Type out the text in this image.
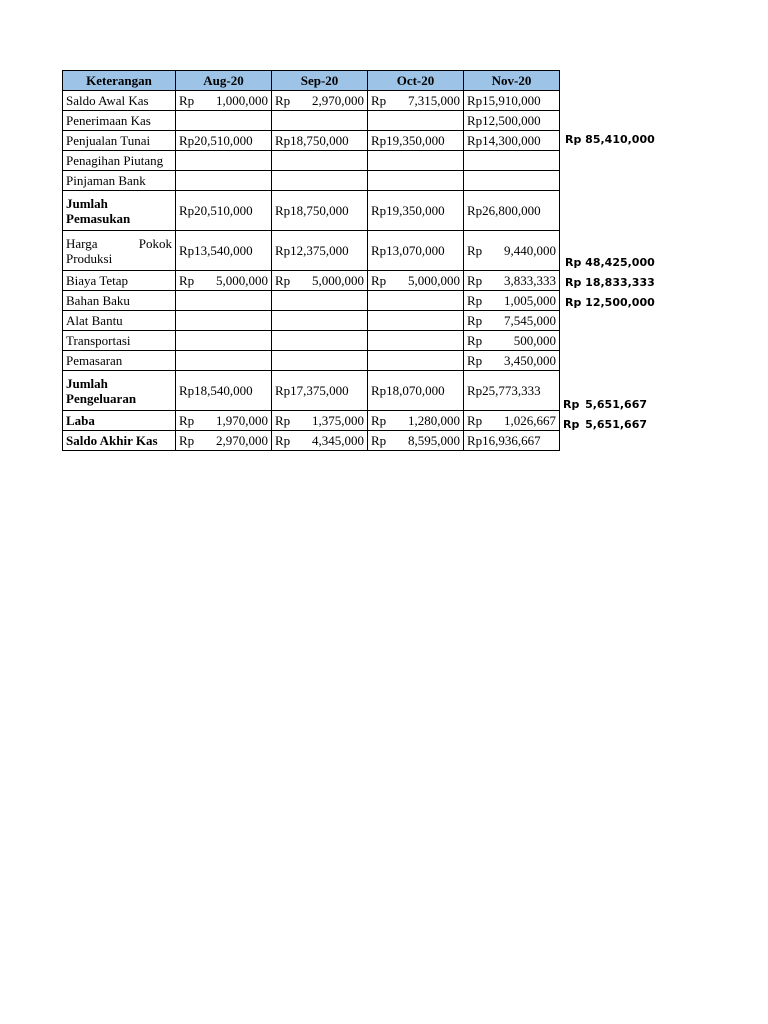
Keterangan	Aug-20	Sep-20	Oct-20	Nov-20
Saldo Awal Kas	Rp 1,000,000	Rp 2,970,000	Rp 7,315,000	Rp15,910,000

Penerimaan Kas				Rp12,500,000

Penjualan Tunai	Rp20,510,000	Rp18,750,000	Rp19,350,000	Rp14,300,000

Penagihan Piutang	

Pinjaman Bank	

Jumlah Pemasukan	Rp20,510,000	Rp18,750,000	Rp19,350,000	Rp26,800,000

Harga Pokok Produksi	Rp13,540,000	Rp12,375,000	Rp13,070,000	Rp 9,440,000

Biaya Tetap	Rp 5,000,000	Rp 5,000,000	Rp 5,000,000	Rp 3,833,333

Bahan Baku				Rp 1,005,000

Alat Bantu				Rp 7,545,000

Transportasi				Rp 500,000

Pemasaran				Rp 3,450,000

Jumlah Pengeluaran	Rp18,540,000	Rp17,375,000	Rp18,070,000	Rp25,773,333

Laba	Rp 1,970,000	Rp 1,375,000	Rp 1,280,000	Rp 1,026,667

Saldo Akhir Kas	Rp 2,970,000	Rp 4,345,000	Rp 8,595,000	Rp16,936,667
Rp 85,410,000
Rp 48,425,000
Rp 18,833,333
Rp 12,500,000
Rp 5,651,667
Rp 5,651,667
